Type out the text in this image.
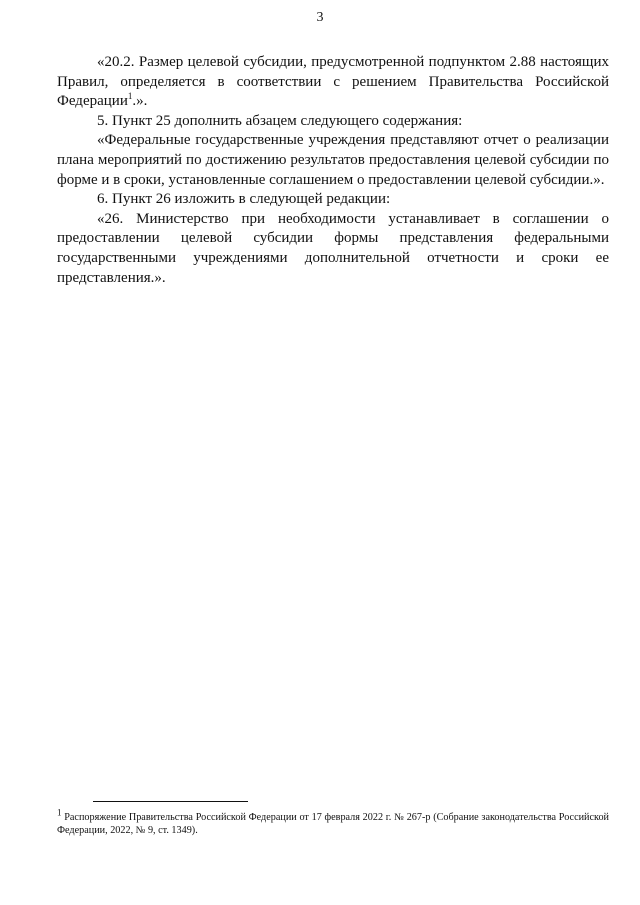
3

«20.2. Размер целевой субсидии, предусмотренной подпунктом 2.88 настоящих Правил, определяется в соответствии с решением Правительства Российской Федерации$^1$.».

5. Пункт 25 дополнить абзацем следующего содержания:

«Федеральные государственные учреждения представляют отчет о реализации плана мероприятий по достижению результатов предоставления целевой субсидии по форме и в сроки, установленные соглашением о предоставлении целевой субсидии.».

6. Пункт 26 изложить в следующей редакции:

«26. Министерство при необходимости устанавливает в соглашении о предоставлении целевой субсидии формы представления федеральными государственными учреждениями дополнительной отчетности и сроки ее представления.».

$^1$ Распоряжение Правительства Российской Федерации от 17 февраля 2022 г. № 267-р (Собрание законодательства Российской Федерации, 2022, № 9, ст. 1349).
